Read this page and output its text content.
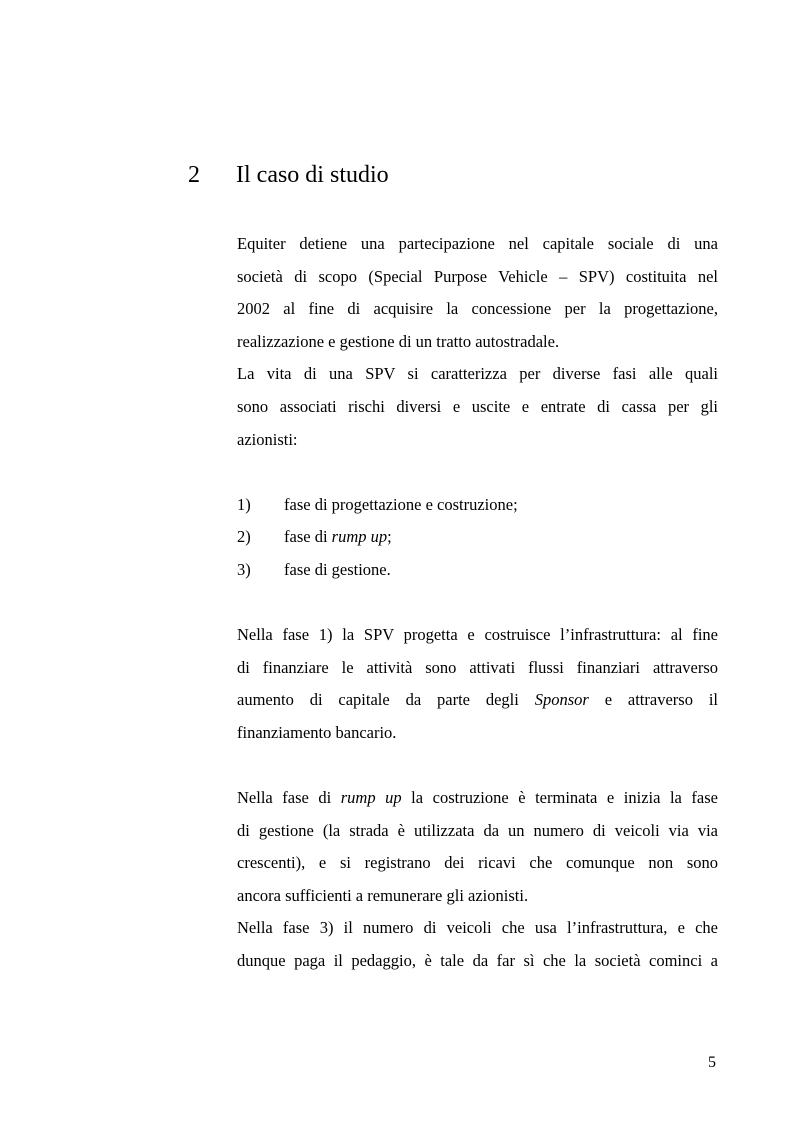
2 Il caso di studio
Equiter detiene una partecipazione nel capitale sociale di una
società di scopo (Special Purpose Vehicle – SPV) costituita nel
2002 al fine di acquisire la concessione per la progettazione,
realizzazione e gestione di un tratto autostradale.
La vita di una SPV si caratterizza per diverse fasi alle quali
sono associati rischi diversi e uscite e entrate di cassa per gli
azionisti:
1) fase di progettazione e costruzione;
2) fase di rump up;
3) fase di gestione.
Nella fase 1) la SPV progetta e costruisce l’infrastruttura: al fine
di finanziare le attività sono attivati flussi finanziari attraverso
aumento di capitale da parte degli Sponsor e attraverso il
finanziamento bancario.
Nella fase di rump up la costruzione è terminata e inizia la fase
di gestione (la strada è utilizzata da un numero di veicoli via via
crescenti), e si registrano dei ricavi che comunque non sono
ancora sufficienti a remunerare gli azionisti.
Nella fase 3) il numero di veicoli che usa l’infrastruttura, e che
dunque paga il pedaggio, è tale da far sì che la società cominci a
5
